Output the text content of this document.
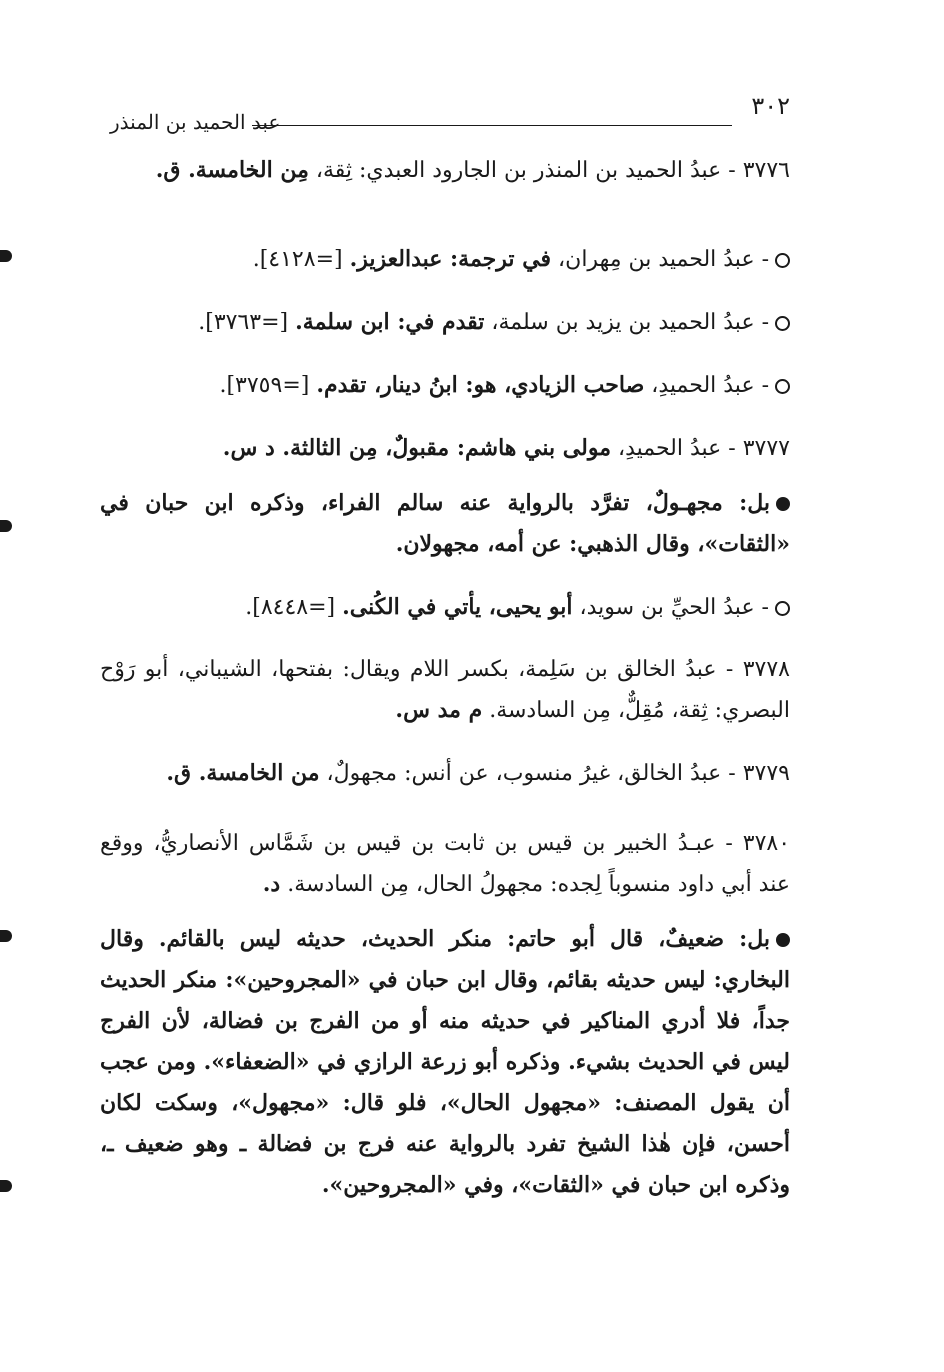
٣٠٢
عبد الحميد بن المنذر

٣٧٧٦ - عبدُ الحميد بن المنذر بن الجارود العبدي: ثِقة، مِن الخامسة. ق.

- عبدُ الحميد بن مِهران، في ترجمة: عبدالعزيز. [=٤١٢٨].

- عبدُ الحميد بن يزيد بن سلمة، تقدم في: ابن سلمة. [=٣٧٦٣].

- عبدُ الحميدِ، صاحب الزيادي، هو: ابنُ دينار، تقدم. [=٣٧٥٩].

٣٧٧٧ - عبدُ الحميدِ، مولى بني هاشم: مقبولٌ، مِن الثالثة. د س.

بل: مجهـولٌ، تفرَّد بالرواية عنه سالم الفراء، وذكره ابن حبان في «الثقات»، وقال الذهبي: عن أمه، مجهولان.

- عبدُ الحيِّ بن سويد، أبو يحيى، يأتي في الكُنى. [=٨٤٤٨].

٣٧٧٨ - عبدُ الخالق بن سَلِمة، بكسر اللام ويقال: بفتحها، الشيباني، أبو رَوْح البصري: ثِقة، مُقِلٌّ، مِن السادسة. م مد س.

٣٧٧٩ - عبدُ الخالق، غيرُ منسوب، عن أنس: مجهولٌ، من الخامسة. ق.

٣٧٨٠ - عبـدُ الخبير بن قيس بن ثابت بن قيس بن شَمَّاس الأنصاريُّ، ووقع عند أبي داود منسوباً لِجده: مجهولُ الحال، مِن السادسة. د.

بل: ضعيفٌ، قال أبو حاتم: منكر الحديث، حديثه ليس بالقائم. وقال البخاري: ليس حديثه بقائم، وقال ابن حبان في «المجروحين»: منكر الحديث جداً، فلا أدري المناكير في حديثه منه أو من الفرج بن فضالة، لأن الفرج ليس في الحديث بشيء. وذكره أبو زرعة الرازي في «الضعفاء». ومن عجب أن يقول المصنف: «مجهول الحال»، فلو قال: «مجهول»، وسكت لكان أحسن، فإن هٰذا الشيخ تفرد بالرواية عنه فرج بن فضالة ـ وهو ضعيف ـ، وذكره ابن حبان في «الثقات»، وفي «المجروحين».
